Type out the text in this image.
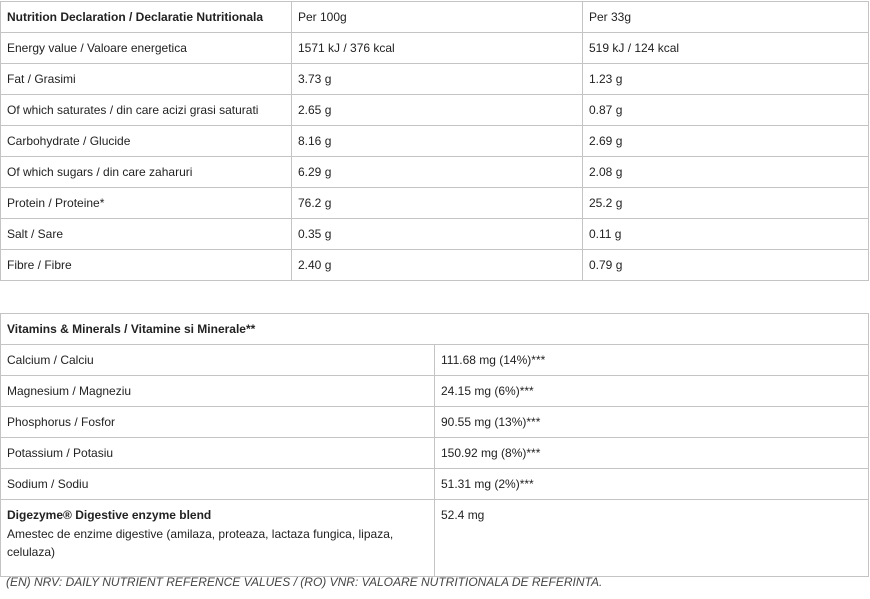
Nutrition Declaration / Declaratie Nutritionala	Per 100g	Per 33g
Energy value / Valoare energetica	1571 kJ / 376 kcal	519 kJ / 124 kcal
Fat / Grasimi	3.73 g	1.23 g
Of which saturates / din care acizi grasi saturati	2.65 g	0.87 g
Carbohydrate / Glucide	8.16 g	2.69 g
Of which sugars / din care zaharuri	6.29 g	2.08 g
Protein / Proteine*	76.2 g	25.2 g
Salt / Sare	0.35 g	0.11 g
Fibre / Fibre	2.40 g	0.79 g
Vitamins & Minerals / Vitamine si Minerale**	
Calcium / Calciu	111.68 mg (14%)***
Magnesium / Magneziu	24.15 mg (6%)***
Phosphorus / Fosfor	90.55 mg (13%)***
Potassium / Potasiu	150.92 mg (8%)***
Sodium / Sodiu	51.31 mg (2%)***

Digezyme® Digestive enzyme blend
Amestec de enzime digestive (amilaza, proteaza, lactaza fungica, lipaza, celulaza)	52.4 mg
(EN) NRV: DAILY NUTRIENT REFERENCE VALUES / (RO) VNR: VALOARE NUTRITIONALA DE REFERINTA.
